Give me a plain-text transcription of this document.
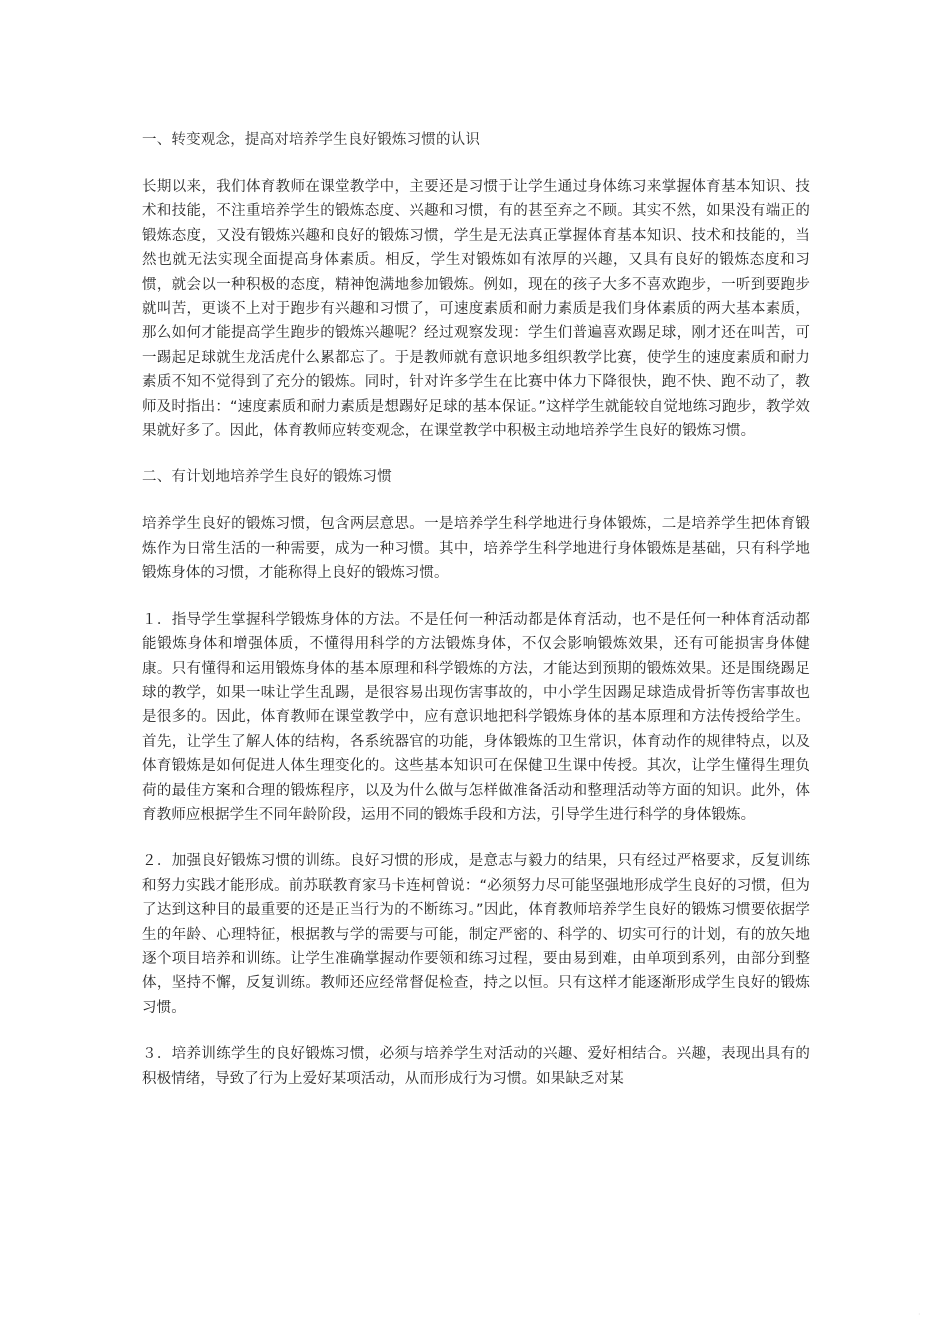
一、转变观念，提高对培养学生良好锻炼习惯的认识
长期以来，我们体育教师在课堂教学中，主要还是习惯于让学生通过身体练习来掌握体育基本知识、技术和技能，不注重培养学生的锻炼态度、兴趣和习惯，有的甚至弃之不顾。其实不然，如果没有端正的锻炼态度，又没有锻炼兴趣和良好的锻炼习惯，学生是无法真正掌握体育基本知识、技术和技能的，当然也就无法实现全面提高身体素质。相反，学生对锻炼如有浓厚的兴趣，又具有良好的锻炼态度和习惯，就会以一种积极的态度，精神饱满地参加锻炼。例如，现在的孩子大多不喜欢跑步，一听到要跑步就叫苦，更谈不上对于跑步有兴趣和习惯了，可速度素质和耐力素质是我们身体素质的两大基本素质，那么如何才能提高学生跑步的锻炼兴趣呢？经过观察发现：学生们普遍喜欢踢足球，刚才还在叫苦，可一踢起足球就生龙活虎什么累都忘了。于是教师就有意识地多组织教学比赛，使学生的速度素质和耐力素质不知不觉得到了充分的锻炼。同时，针对许多学生在比赛中体力下降很快，跑不快、跑不动了，教师及时指出：“速度素质和耐力素质是想踢好足球的基本保证。”这样学生就能较自觉地练习跑步，教学效果就好多了。因此，体育教师应转变观念，在课堂教学中积极主动地培养学生良好的锻炼习惯。
二、有计划地培养学生良好的锻炼习惯
培养学生良好的锻炼习惯，包含两层意思。一是培养学生科学地进行身体锻炼，二是培养学生把体育锻炼作为日常生活的一种需要，成为一种习惯。其中，培养学生科学地进行身体锻炼是基础，只有科学地锻炼身体的习惯，才能称得上良好的锻炼习惯。
１．指导学生掌握科学锻炼身体的方法。不是任何一种活动都是体育活动，也不是任何一种体育活动都能锻炼身体和增强体质，不懂得用科学的方法锻炼身体，不仅会影响锻炼效果，还有可能损害身体健康。只有懂得和运用锻炼身体的基本原理和科学锻炼的方法，才能达到预期的锻炼效果。还是围绕踢足球的教学，如果一味让学生乱踢，是很容易出现伤害事故的，中小学生因踢足球造成骨折等伤害事故也是很多的。因此，体育教师在课堂教学中，应有意识地把科学锻炼身体的基本原理和方法传授给学生。首先，让学生了解人体的结构，各系统器官的功能，身体锻炼的卫生常识，体育动作的规律特点，以及体育锻炼是如何促进人体生理变化的。这些基本知识可在保健卫生课中传授。其次，让学生懂得生理负荷的最佳方案和合理的锻炼程序，以及为什么做与怎样做准备活动和整理活动等方面的知识。此外，体育教师应根据学生不同年龄阶段，运用不同的锻炼手段和方法，引导学生进行科学的身体锻炼。
２．加强良好锻炼习惯的训练。良好习惯的形成，是意志与毅力的结果，只有经过严格要求，反复训练和努力实践才能形成。前苏联教育家马卡连柯曾说：“必须努力尽可能坚强地形成学生良好的习惯，但为了达到这种目的最重要的还是正当行为的不断练习。”因此，体育教师培养学生良好的锻炼习惯要依据学生的年龄、心理特征，根据教与学的需要与可能，制定严密的、科学的、切实可行的计划，有的放矢地逐个项目培养和训练。让学生准确掌握动作要领和练习过程，要由易到难，由单项到系列，由部分到整体，坚持不懈，反复训练。教师还应经常督促检查，持之以恒。只有这样才能逐渐形成学生良好的锻炼习惯。
３．培养训练学生的良好锻炼习惯，必须与培养学生对活动的兴趣、爱好相结合。兴趣，表现出具有的积极情绪，导致了行为上爱好某项活动，从而形成行为习惯。如果缺乏对某
·
